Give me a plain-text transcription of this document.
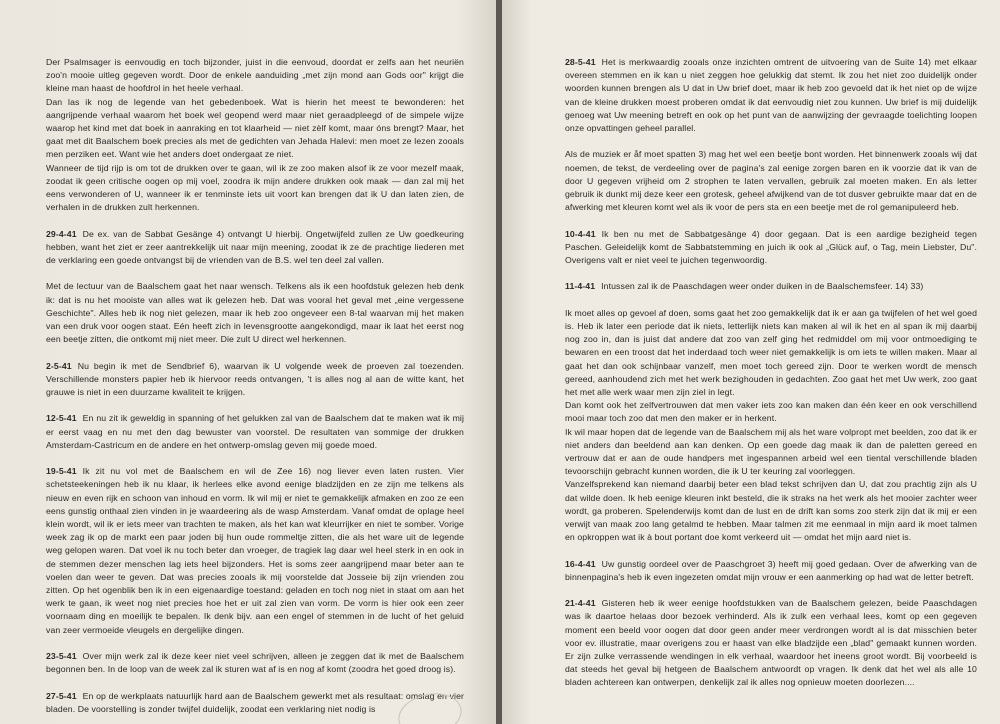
Der Psalmsager is eenvoudig en toch bijzonder, juist in die eenvoud, doordat er zelfs aan het neuriën zoo'n mooie uitleg gegeven wordt. Door de enkele aanduiding „met zijn mond aan Gods oor" krijgt die kleine man haast de hoofdrol in het heele verhaal.

Dan las ik nog de legende van het gebedenboek. Wat is hierin het meest te bewonderen: het aangrijpende verhaal waarom het boek wel geopend werd maar niet geraadpleegd of de simpele wijze waarop het kind met dat boek in aanraking en tot klaarheid — niet zèlf komt, maar óns brengt? Maar, het gaat met dit Baalschem boek precies als met de gedichten van Jehada Halevi: men moet ze lezen zooals men perziken eet. Want wie het anders doet ondergaat ze niet.

Wanneer de tijd rijp is om tot de drukken over te gaan, wil ik ze zoo maken alsof ik ze voor mezelf maak, zoodat ik geen critische oogen op mij voel, zoodra ik mijn andere drukken ook maak — dan zal mij het eens verwonderen of U, wanneer ik er tenminste iets uit voort kan brengen dat ik U dan laten zien, de verhalen in de drukken zult herkennen.

29-4-41 De ex. van de Sabbat Gesänge 4) ontvangt U hierbij. Ongetwijfeld zullen ze Uw goedkeuring hebben, want het ziet er zeer aantrekkelijk uit naar mijn meening, zoodat ik ze de prachtige liederen met de verklaring een goede ontvangst bij de vrienden van de B.S. wel ten deel zal vallen.

Met de lectuur van de Baalschem gaat het naar wensch. Telkens als ik een hoofdstuk gelezen heb denk ik: dat is nu het mooiste van alles wat ik gelezen heb. Dat was vooral het geval met „eine vergessene Geschichte". Alles heb ik nog niet gelezen, maar ik heb zoo ongeveer een 8-tal waarvan mij het maken van een druk voor oogen staat. Eén heeft zich in levensgrootte aangekondigd, maar ik laat het eerst nog een beetje zitten, die ontkomt mij niet meer. Die zult U direct wel herkennen.

2-5-41 Nu begin ik met de Sendbrief 6), waarvan ik U volgende week de proeven zal toezenden. Verschillende monsters papier heb ik hiervoor reeds ontvangen, 't is alles nog al aan de witte kant, het grauwe is niet in een duurzame kwaliteit te krijgen.

12-5-41 En nu zit ik geweldig in spanning of het gelukken zal van de Baalschem dat te maken wat ik mij er eerst vaag en nu met den dag bewuster van voorstel. De resultaten van sommige der drukken Amsterdam-Castricum en de andere en het ontwerp-omslag geven mij goede moed.

19-5-41 Ik zit nu vol met de Baalschem en wil de Zee 16) nog liever even laten rusten. Vier schetsteekeningen heb ik nu klaar, ik herlees elke avond eenige bladzijden en ze zijn me telkens als nieuw en even rijk en schoon van inhoud en vorm. Ik wil mij er niet te gemakkelijk afmaken en zoo ze een eens gunstig onthaal zien vinden in je waardeering als de wasp Amsterdam. Vanaf omdat de oplage heel klein wordt, wil ik er iets meer van trachten te maken, als het kan wat kleurrijker en niet te somber. Vorige week zag ik op de markt een paar joden bij hun oude rommeltje zitten, die als het ware uit de legende weg gelopen waren. Dat voel ik nu toch beter dan vroeger, de tragiek lag daar wel heel sterk in en ook in de stemmen dezer menschen lag iets heel bijzonders. Het is soms zeer aangrijpend maar beter aan te voelen dan weer te geven. Dat was precies zooals ik mij voorstelde dat Josseie bij zijn vrienden zou zitten. Op het ogenblik ben ik in een eigenaardige toestand: geladen en toch nog niet in staat om aan het werk te gaan, ik weet nog niet precies hoe het er uit zal zien van vorm. De vorm is hier ook een zeer voornaam ding en moeilijk te bepalen. Ik denk bijv. aan een engel of stemmen in de lucht of het geluid van zeer vermoeide vleugels en dergelijke dingen.

23-5-41 Over mijn werk zal ik deze keer niet veel schrijven, alleen je zeggen dat ik met de Baalschem begonnen ben. In de loop van de week zal ik sturen wat af is en nog af komt (zoodra het goed droog is).

27-5-41 En op de werkplaats natuurlijk hard aan de Baalschem gewerkt met als resultaat: omslag en vier bladen. De voorstelling is zonder twijfel duidelijk, zoodat een verklaring niet nodig is

28-5-41 Het is merkwaardig zooals onze inzichten omtrent de uitvoering van de Suite 14) met elkaar overeen stemmen en ik kan u niet zeggen hoe gelukkig dat stemt. Ik zou het niet zoo duidelijk onder woorden kunnen brengen als U dat in Uw brief doet, maar ik heb zoo gevoeld dat ik het niet op de wijze van de kleine drukken moest proberen omdat ik dat eenvoudig niet zou kunnen. Uw brief is mij duidelijk genoeg wat Uw meening betreft en ook op het punt van de aanwijzing der gevraagde toelichting loopen onze opvattingen geheel parallel.

Als de muziek er åf moet spatten 3) mag het wel een beetje bont worden. Het binnenwerk zooals wij dat noemen, de tekst, de verdeeling over de pagina's zal eenige zorgen baren en ik voorzie dat ik van de door U gegeven vrijheid om 2 strophen te laten vervallen, gebruik zal moeten maken. En als letter gebruik ik dunkt mij deze keer een grotesk, geheel afwijkend van de tot dusver gebruikte maar dat en de afwerking met kleuren komt wel als ik voor de pers sta en een beetje met de rol gemanipuleerd heb.

10-4-41 Ik ben nu met de Sabbatgesänge 4) door gegaan. Dat is een aardige bezigheid tegen Paschen. Geleidelijk komt de Sabbatstemming en juich ik ook al „Glück auf, o Tag, mein Liebster, Du". Overigens valt er niet veel te juichen tegenwoordig.

11-4-41 Intussen zal ik de Paaschdagen weer onder duiken in de Baalschemsfeer. 14) 33)

Ik moet alles op gevoel af doen, soms gaat het zoo gemakkelijk dat ik er aan ga twijfelen of het wel goed is. Heb ik later een periode dat ik niets, letterlijk niets kan maken al wil ik het en al span ik mij daarbij nog zoo in, dan is juist dat andere dat zoo van zelf ging het redmiddel om mij voor ontmoediging te bewaren en een troost dat het inderdaad toch weer niet gemakkelijk is om iets te willen maken. Maar al gaat het dan ook schijnbaar vanzelf, men moet toch gereed zijn. Door te werken wordt de mensch gereed, aanhoudend zich met het werk bezighouden in gedachten. Zoo gaat het met Uw werk, zoo gaat het met alle werk waar men zijn ziel in legt.
Dan komt ook het zelfvertrouwen dat men vaker iets zoo kan maken dan één keer en ook verschillend mooi maar toch zoo dat men den maker er in herkent.
Ik wil maar hopen dat de legende van de Baalschem mij als het ware volpropt met beelden, zoo dat ik er niet anders dan beeldend aan kan denken. Op een goede dag maak ik dan de paletten gereed en vertrouw dat er aan de oude handpers met ingespannen arbeid wel een tiental verschillende bladen tevoorschijn gebracht kunnen worden, die ik U ter keuring zal voorleggen.
Vanzelfsprekend kan niemand daarbij beter een blad tekst schrijven dan U, dat zou prachtig zijn als U dat wilde doen. Ik heb eenige kleuren inkt besteld, die ik straks na het werk als het mooier zachter weer wordt, ga proberen. Spelenderwijs komt dan de lust en de drift kan soms zoo sterk zijn dat ik mij er een verwijt van maak zoo lang getalmd te hebben. Maar talmen zit me eenmaal in mijn aard ik moet talmen en opkroppen wat ik à bout portant doe komt verkeerd uit — omdat het mijn aard niet is.

16-4-41 Uw gunstig oordeel over de Paaschgroet 3) heeft mij goed gedaan. Over de afwerking van de binnenpagina's heb ik even ingezeten omdat mijn vrouw er een aanmerking op had wat de letter betreft.

21-4-41 Gisteren heb ik weer eenige hoofdstukken van de Baalschem gelezen, beide Paaschdagen was ik daartoe helaas door bezoek verhinderd. Als ik zulk een verhaal lees, komt op een gegeven moment een beeld voor oogen dat door geen ander meer verdrongen wordt al is dat misschien beter voor ev. illustratie, maar overigens zou er haast van elke bladzijde een „blad" gemaakt kunnen worden. Er zijn zulke verrassende wendingen in elk verhaal, waardoor het ineens groot wordt. Bij voorbeeld is dat steeds het geval bij hetgeen de Baalschem antwoordt op vragen. Ik denk dat het wel als alle 10 bladen achtereen kan ontwerpen, denkelijk zal ik alles nog opnieuw moeten doorlezen....
